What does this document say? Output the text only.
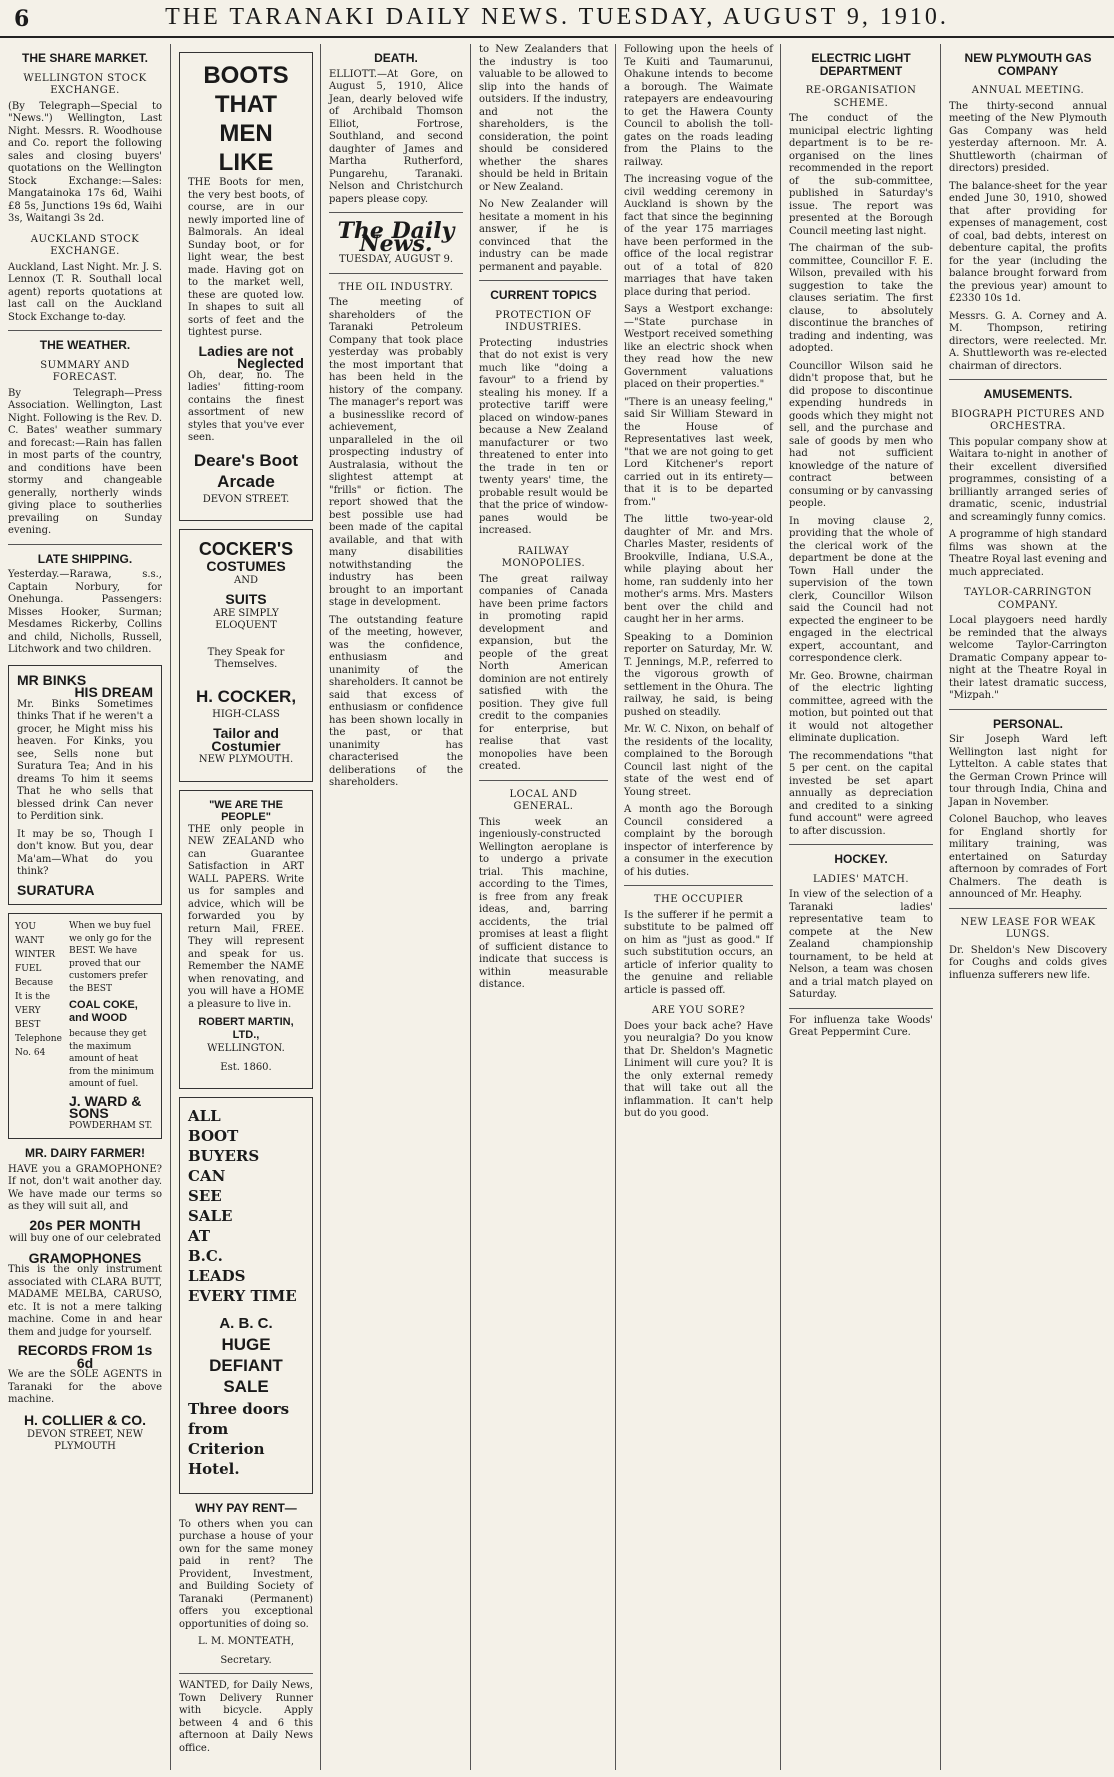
6	THE TARANAKI DAILY NEWS. TUESDAY, AUGUST 9, 1910.
THE SHARE MARKET.
WELLINGTON STOCK EXCHANGE.

(By Telegraph—Special to "News.") Wellington, Last Night. Messrs. R. Woodhouse and Co. report the following sales and closing buyers' quotations on the Wellington Stock Exchange:—Sales: Mangatainoka 17s 6d, Waihi £8 5s, Junctions 19s 6d, Waihi 3s, Waitangi 3s 2d.

AUCKLAND STOCK EXCHANGE.

Auckland, Last Night. Mr. J. S. Lennox (T. R. Southall local agent) reports quotations at last call on the Auckland Stock Exchange to-day.

THE WEATHER.
SUMMARY AND FORECAST.

By Telegraph—Press Association. Wellington, Last Night. Following is the Rev. D. C. Bates' weather summary and forecast:—Rain has fallen in most parts of the country, and conditions have been stormy and changeable generally, northerly winds giving place to southerlies prevailing on Sunday evening.

LATE SHIPPING.

Yesterday.—Rarawa, s.s., Captain Norbury, for Onehunga. Passengers: Misses Hooker, Surman; Mesdames Rickerby, Collins and child, Nicholls, Russell, Litchwork and two children.

MR BINKS
HIS DREAM

Mr. Binks Sometimes thinks That if he weren't a grocer, he Might miss his heaven. For Kinks, you see, Sells none but Suratura Tea; And in his dreams To him it seems That he who sells that blessed drink Can never to Perdition sink.

It may be so, Though I don't know. But you, dear Ma'am—What do you think?

SURATURA
YOU
WANT
WINTER
FUEL
Because
It is the
VERY
BEST
Telephone
No. 64
When we buy fuel we only go for the BEST. We have proved that our customers prefer the BEST
COAL COKE, and WOOD
because they get the maximum amount of heat from the minimum amount of fuel.
J. WARD & SONS
POWDERHAM ST.
MR. DAIRY FARMER!

HAVE you a GRAMOPHONE? If not, don't wait another day. We have made our terms so as they will suit all, and

20s PER MONTH
will buy one of our celebrated
GRAMOPHONES

This is the only instrument associated with CLARA BUTT, MADAME MELBA, CARUSO, etc. It is not a mere talking machine. Come in and hear them and judge for yourself.

RECORDS FROM 1s 6d

We are the SOLE AGENTS in Taranaki for the above machine.

H. COLLIER & CO.
DEVON STREET, NEW PLYMOUTH
BOOTS
THAT
MEN
LIKE

THE Boots for men, the very best boots, of course, are in our newly imported line of Balmorals. An ideal Sunday boot, or for light wear, the best made. Having got on to the market well, these are quoted low. In shapes to suit all sorts of feet and the tightest purse.

Ladies are not
Neglected

Oh, dear, no. The ladies' fitting-room contains the finest assortment of new styles that you've ever seen.

Deare's Boot Arcade
DEVON STREET.
COCKER'S
COSTUMES
AND
SUITS
ARE SIMPLY ELOQUENT
They Speak for Themselves.
H. COCKER,
HIGH-CLASS
Tailor and Costumier
NEW PLYMOUTH.
"WE ARE THE PEOPLE"

THE only people in NEW ZEALAND who can Guarantee Satisfaction in ART WALL PAPERS. Write us for samples and advice, which will be forwarded you by return Mail, FREE. They will represent and speak for us. Remember the NAME when renovating, and you will have a HOME a pleasure to live in.

ROBERT MARTIN, LTD.,
WELLINGTON.
Est. 1860.
ALL
BOOT
BUYERS
CAN
SEE
SALE
AT
B.C.
LEADS
EVERY TIME
A. B. C.
HUGE DEFIANT SALE
Three doors from Criterion Hotel.
WHY PAY RENT—

To others when you can purchase a house of your own for the same money paid in rent? The Provident, Investment, and Building Society of Taranaki (Permanent) offers you exceptional opportunities of doing so.

L. M. MONTEATH,
Secretary.

WANTED, for Daily News, Town Delivery Runner with bicycle. Apply between 4 and 6 this afternoon at Daily News office.

DEATH.

ELLIOTT.—At Gore, on August 5, 1910, Alice Jean, dearly beloved wife of Archibald Thomson Elliot, Fortrose, Southland, and second daughter of James and Martha Rutherford, Pungarehu, Taranaki. Nelson and Christchurch papers please copy.

The Daily News.
TUESDAY, AUGUST 9.
THE OIL INDUSTRY.

The meeting of shareholders of the Taranaki Petroleum Company that took place yesterday was probably the most important that has been held in the history of the company. The manager's report was a businesslike record of achievement, unparalleled in the oil prospecting industry of Australasia, without the slightest attempt at "frills" or fiction. The report showed that the best possible use had been made of the capital available, and that with many disabilities notwithstanding the industry has been brought to an important stage in development.

The outstanding feature of the meeting, however, was the confidence, enthusiasm and unanimity of the shareholders. It cannot be said that excess of enthusiasm or confidence has been shown locally in the past, or that unanimity has characterised the deliberations of the shareholders.

to New Zealanders that the industry is too valuable to be allowed to slip into the hands of outsiders. If the industry, and not the shareholders, is the consideration, the point should be considered whether the shares should be held in Britain or New Zealand.

No New Zealander will hesitate a moment in his answer, if he is convinced that the industry can be made permanent and payable.

CURRENT TOPICS
PROTECTION OF INDUSTRIES.

Protecting industries that do not exist is very much like "doing a favour" to a friend by stealing his money. If a protective tariff were placed on window-panes because a New Zealand manufacturer or two threatened to enter into the trade in ten or twenty years' time, the probable result would be that the price of window-panes would be increased.

RAILWAY MONOPOLIES.

The great railway companies of Canada have been prime factors in promoting rapid development and expansion, but the people of the great North American dominion are not entirely satisfied with the position. They give full credit to the companies for enterprise, but realise that vast monopolies have been created.

LOCAL AND GENERAL.

This week an ingeniously-constructed Wellington aeroplane is to undergo a private trial. This machine, according to the Times, is free from any freak ideas, and, barring accidents, the trial promises at least a flight of sufficient distance to indicate that success is within measurable distance.

Following upon the heels of Te Kuiti and Taumarunui, Ohakune intends to become a borough. The Waimate ratepayers are endeavouring to get the Hawera County Council to abolish the toll-gates on the roads leading from the Plains to the railway.

The increasing vogue of the civil wedding ceremony in Auckland is shown by the fact that since the beginning of the year 175 marriages have been performed in the office of the local registrar out of a total of 820 marriages that have taken place during that period.

Says a Westport exchange:—"State purchase in Westport received something like an electric shock when they read how the new Government valuations placed on their properties."

"There is an uneasy feeling," said Sir William Steward in the House of Representatives last week, "that we are not going to get Lord Kitchener's report carried out in its entirety—that it is to be departed from."

The little two-year-old daughter of Mr. and Mrs. Charles Master, residents of Brookville, Indiana, U.S.A., while playing about her home, ran suddenly into her mother's arms. Mrs. Masters bent over the child and caught her in her arms.

Speaking to a Dominion reporter on Saturday, Mr. W. T. Jennings, M.P., referred to the vigorous growth of settlement in the Ohura. The railway, he said, is being pushed on steadily.

Mr. W. C. Nixon, on behalf of the residents of the locality, complained to the Borough Council last night of the state of the west end of Young street.

A month ago the Borough Council considered a complaint by the borough inspector of interference by a consumer in the execution of his duties.

THE OCCUPIER

Is the sufferer if he permit a substitute to be palmed off on him as "just as good." If such substitution occurs, an article of inferior quality to the genuine and reliable article is passed off.

ARE YOU SORE?

Does your back ache? Have you neuralgia? Do you know that Dr. Sheldon's Magnetic Liniment will cure you? It is the only external remedy that will take out all the inflammation. It can't help but do you good.

ELECTRIC LIGHT DEPARTMENT
RE-ORGANISATION SCHEME.

The conduct of the municipal electric lighting department is to be re-organised on the lines recommended in the report of the sub-committee, published in Saturday's issue. The report was presented at the Borough Council meeting last night.

The chairman of the sub-committee, Councillor F. E. Wilson, prevailed with his suggestion to take the clauses seriatim. The first clause, to absolutely discontinue the branches of trading and indenting, was adopted.

Councillor Wilson said he didn't propose that, but he did propose to discontinue expending hundreds in goods which they might not sell, and the purchase and sale of goods by men who had not sufficient knowledge of the nature of contract between consuming or by canvassing people.

In moving clause 2, providing that the whole of the clerical work of the department be done at the Town Hall under the supervision of the town clerk, Councillor Wilson said the Council had not expected the engineer to be engaged in the electrical expert, accountant, and correspondence clerk.

Mr. Geo. Browne, chairman of the electric lighting committee, agreed with the motion, but pointed out that it would not altogether eliminate duplication.

The recommendations "that 5 per cent. on the capital invested be set apart annually as depreciation and credited to a sinking fund account" were agreed to after discussion.

HOCKEY.
LADIES' MATCH.

In view of the selection of a Taranaki ladies' representative team to compete at the New Zealand championship tournament, to be held at Nelson, a team was chosen and a trial match played on Saturday.

For influenza take Woods' Great Peppermint Cure.

NEW PLYMOUTH GAS COMPANY
ANNUAL MEETING.

The thirty-second annual meeting of the New Plymouth Gas Company was held yesterday afternoon. Mr. A. Shuttleworth (chairman of directors) presided.

The balance-sheet for the year ended June 30, 1910, showed that after providing for expenses of management, cost of coal, bad debts, interest on debenture capital, the profits for the year (including the balance brought forward from the previous year) amount to £2330 10s 1d.

Messrs. G. A. Corney and A. M. Thompson, retiring directors, were reelected. Mr. A. Shuttleworth was re-elected chairman of directors.

AMUSEMENTS.
BIOGRAPH PICTURES AND ORCHESTRA.

This popular company show at Waitara to-night in another of their excellent diversified programmes, consisting of a brilliantly arranged series of dramatic, scenic, industrial and screamingly funny comics.

A programme of high standard films was shown at the Theatre Royal last evening and much appreciated.

TAYLOR-CARRINGTON COMPANY.

Local playgoers need hardly be reminded that the always welcome Taylor-Carrington Dramatic Company appear to-night at the Theatre Royal in their latest dramatic success, "Mizpah."

PERSONAL.

Sir Joseph Ward left Wellington last night for Lyttelton. A cable states that the German Crown Prince will tour through India, China and Japan in November.

Colonel Bauchop, who leaves for England shortly for military training, was entertained on Saturday afternoon by comrades of Fort Chalmers. The death is announced of Mr. Heaphy.

NEW LEASE FOR WEAK LUNGS.

Dr. Sheldon's New Discovery for Coughs and colds gives influenza sufferers new life.
